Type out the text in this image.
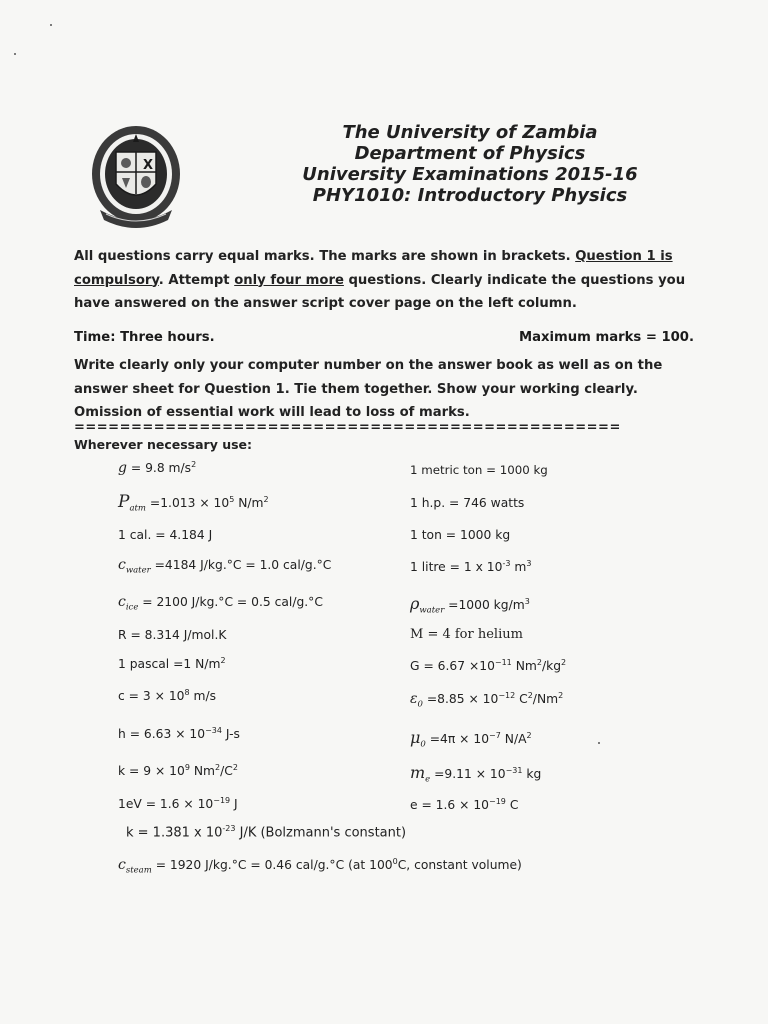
X
The University of Zambia
Department of Physics
University Examinations 2015-16
PHY1010: Introductory Physics
All questions carry equal marks. The marks are shown in brackets. Question 1 is compulsory. Attempt only four more questions. Clearly indicate the questions you have answered on the answer script cover page on the left column.
Time: Three hours.	Maximum marks = 100.
Write clearly only your computer number on the answer book as well as on the answer sheet for Question 1. Tie them together. Show your working clearly. Omission of essential work will lead to loss of marks.
================================================
Wherever necessary use:
g = 9.8 $m/s^2$
$P_{atm} =1.013 \times 10^5$ $N/m^2$
1 cal. = 4.184 J
$c_{water} =4184$ J/kg.°C = 1.0 cal/g.°C
$c_{ice} = 2100$ J/kg.°C = 0.5 cal/g.°C
R = 8.314 J/mol.K
1 pascal =1 $N/m^2$
$c = 3 \times 10^8$ m/s
$h = 6.63 \times 10^{-34}$ J-s
$k = 9 \times 10^9$ $Nm^2/C^2$
$1eV = 1.6 \times 10^{-19}$ J
1 metric ton = 1000 kg
1 h.p. = 746 watts
1 ton = 1000 kg
1 litre = 1 x $10^{-3}$ $m^3$
$\rho_{water} =1000$ $kg/m^3$
M = 4 for helium
$G = 6.67 \times 10^{-11}$ $Nm^2/kg^2$
$\varepsilon_0 =8.85 \times 10^{-12}$ $C^2/Nm^2$
$\mu_0 =4\pi \times 10^{-7}$ $N/A^2$
$m_e =9.11 \times 10^{-31}$ kg
$e = 1.6 \times 10^{-19}$ C
k = 1.381 x $10^{-23}$ J/K (Bolzmann's constant)
$c_{steam} = 1920$ J/kg.°C = 0.46 cal/g.°C (at $100^0C$, constant volume)
